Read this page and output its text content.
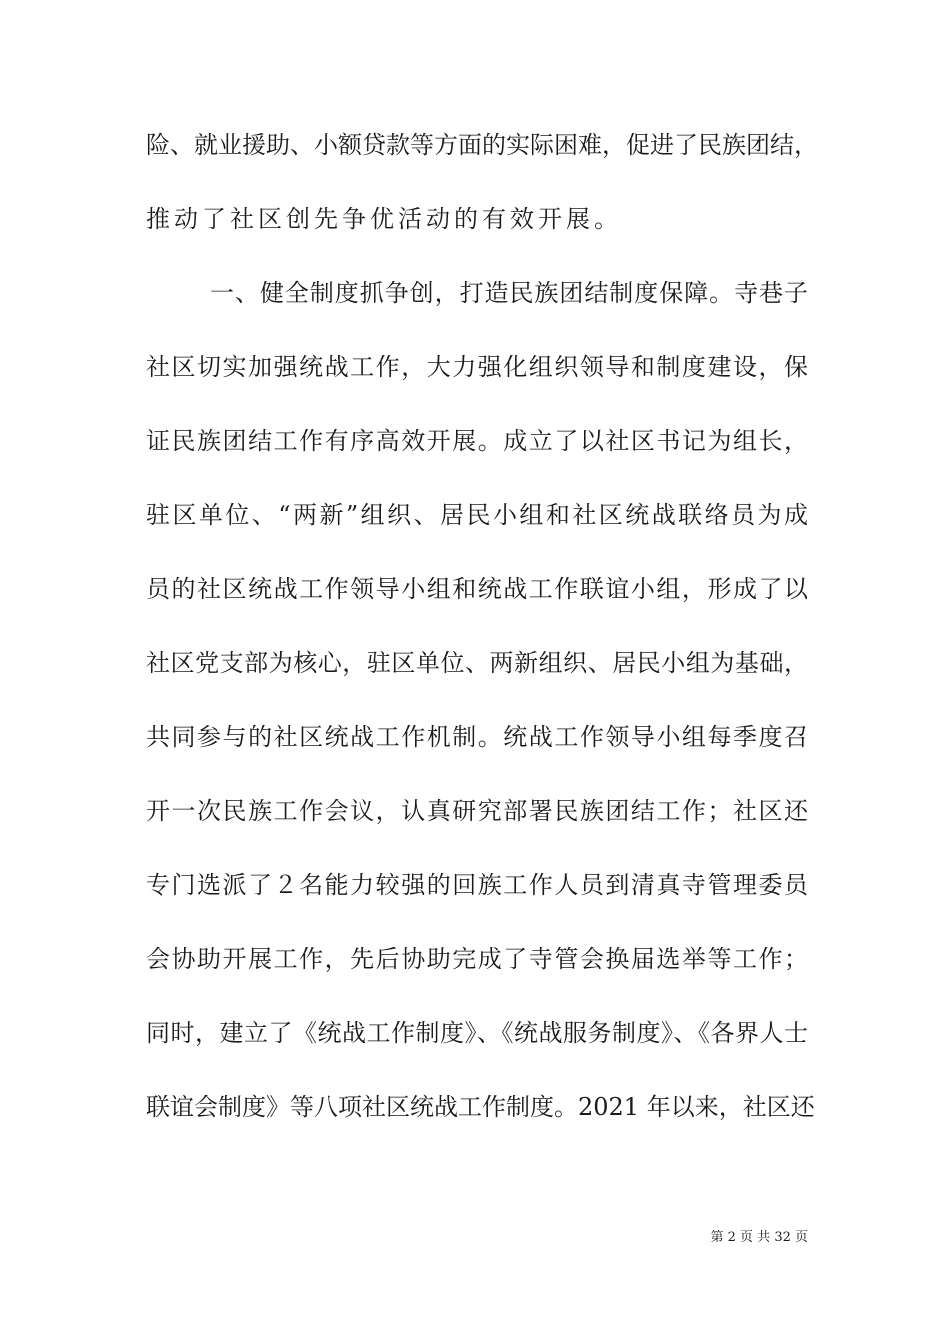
险、就业援助、小额贷款等方面的实际困难，促进了民族团结，
推动了社区创先争优活动的有效开展。
一、健全制度抓争创，打造民族团结制度保障。寺巷子
社区切实加强统战工作，大力强化组织领导和制度建设，保
证民族团结工作有序高效开展。成立了以社区书记为组长，
驻区单位、“两新”组织、居民小组和社区统战联络员为成
员的社区统战工作领导小组和统战工作联谊小组，形成了以
社区党支部为核心，驻区单位、两新组织、居民小组为基础，
共同参与的社区统战工作机制。统战工作领导小组每季度召
开一次民族工作会议，认真研究部署民族团结工作；社区还
专门选派了２名能力较强的回族工作人员到清真寺管理委员
会协助开展工作，先后协助完成了寺管会换届选举等工作；
同时，建立了《统战工作制度》、《统战服务制度》、《各界人士
联谊会制度》等八项社区统战工作制度。2021 年以来，社区还
第 2 页 共 32 页
